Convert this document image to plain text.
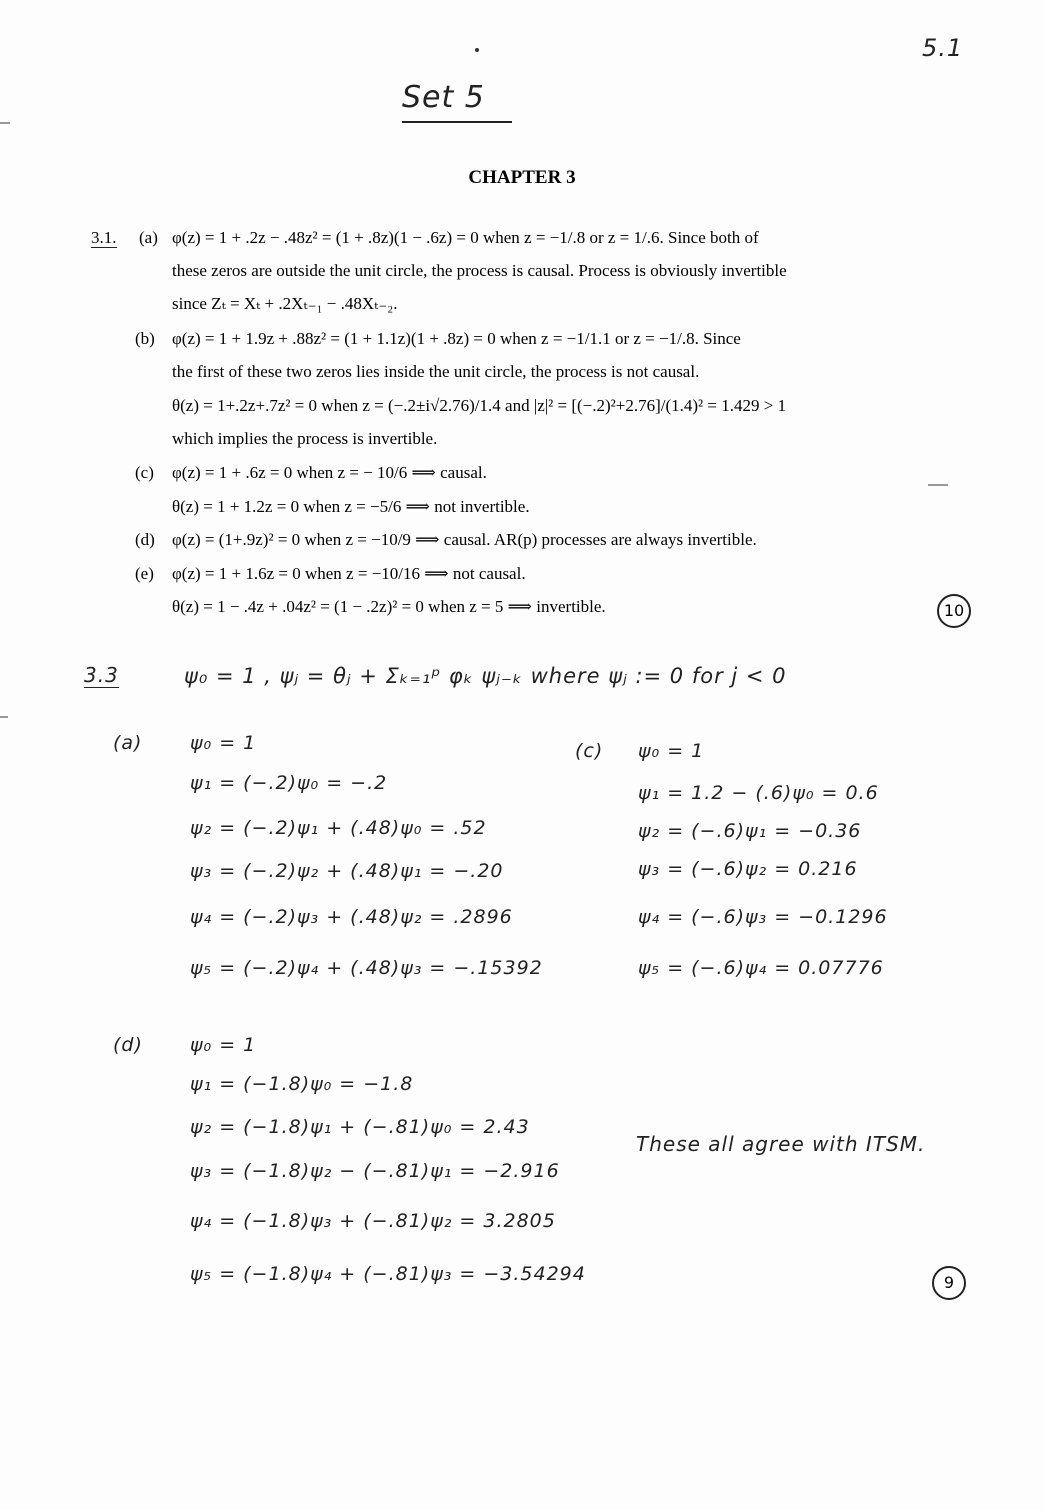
5.1
Set 5
CHAPTER 3
3.1. (a) φ(z) = 1 + .2z − .48z² = (1 + .8z)(1 − .6z) = 0 when z = −1/.8 or z = 1/.6. Since both of
these zeros are outside the unit circle, the process is causal. Process is obviously invertible
since Zₜ = Xₜ + .2Xₜ₋₁ − .48Xₜ₋₂.
(b) φ(z) = 1 + 1.9z + .88z² = (1 + 1.1z)(1 + .8z) = 0 when z = −1/1.1 or z = −1/.8. Since
the first of these two zeros lies inside the unit circle, the process is not causal.
θ(z) = 1+.2z+.7z² = 0 when z = (−.2±i√2.76)/1.4 and |z|² = [(−.2)²+2.76]/(1.4)² = 1.429 > 1
which implies the process is invertible.
(c) φ(z) = 1 + .6z = 0 when z = − 10/6 ⟹ causal.
θ(z) = 1 + 1.2z = 0 when z = −5/6 ⟹ not invertible.
(d) φ(z) = (1+.9z)² = 0 when z = −10/9 ⟹ causal. AR(p) processes are always invertible.
(e) φ(z) = 1 + 1.6z = 0 when z = −10/16 ⟹ not causal.
θ(z) = 1 − .4z + .04z² = (1 − .2z)² = 0 when z = 5 ⟹ invertible.	10
3.3	ψ₀ = 1 , ψⱼ = θⱼ + Σₖ₌₁ᵖ φₖ ψⱼ₋ₖ where ψⱼ := 0 for j < 0
(a)	ψ₀ = 1
ψ₁ = (−.2)ψ₀ = −.2
ψ₂ = (−.2)ψ₁ + (.48)ψ₀ = .52
ψ₃ = (−.2)ψ₂ + (.48)ψ₁ = −.20
ψ₄ = (−.2)ψ₃ + (.48)ψ₂ = .2896
ψ₅ = (−.2)ψ₄ + (.48)ψ₃ = −.15392
(c) ψ₀ = 1
ψ₁ = 1.2 − (.6)ψ₀ = 0.6
ψ₂ = (−.6)ψ₁ = −0.36
ψ₃ = (−.6)ψ₂ = 0.216
ψ₄ = (−.6)ψ₃ = −0.1296
ψ₅ = (−.6)ψ₄ = 0.07776
(d) ψ₀ = 1
ψ₁ = (−1.8)ψ₀ = −1.8
ψ₂ = (−1.8)ψ₁ + (−.81)ψ₀ = 2.43
ψ₃ = (−1.8)ψ₂ − (−.81)ψ₁ = −2.916
ψ₄ = (−1.8)ψ₃ + (−.81)ψ₂ = 3.2805
ψ₅ = (−1.8)ψ₄ + (−.81)ψ₃ = −3.54294
These all agree with ITSM.
9
